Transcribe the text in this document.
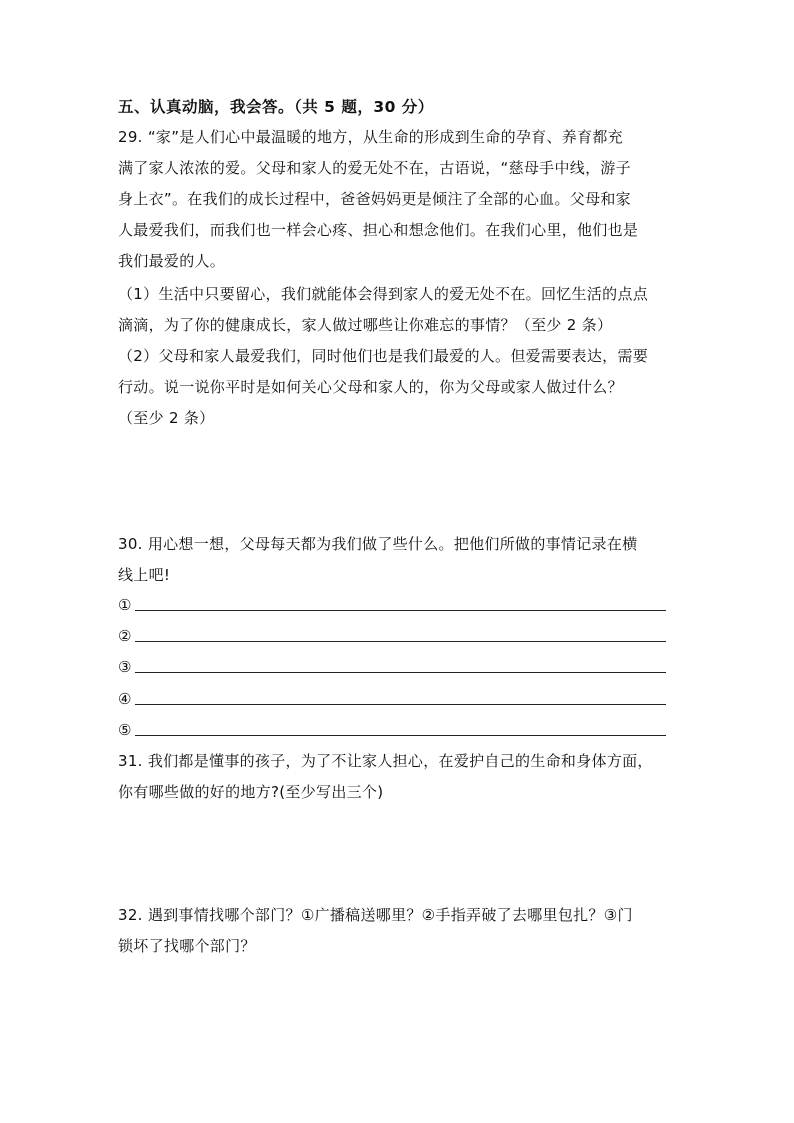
五、认真动脑，我会答。（共 5 题，30 分）
29. “家”是人们心中最温暖的地方，从生命的形成到生命的孕育、养育都充
满了家人浓浓的爱。父母和家人的爱无处不在，古语说，“慈母手中线，游子
身上衣”。在我们的成长过程中，爸爸妈妈更是倾注了全部的心血。父母和家
人最爱我们，而我们也一样会心疼、担心和想念他们。在我们心里，他们也是
我们最爱的人。
（1）生活中只要留心，我们就能体会得到家人的爱无处不在。回忆生活的点点
滴滴，为了你的健康成长，家人做过哪些让你难忘的事情？（至少 2 条）
（2）父母和家人最爱我们，同时他们也是我们最爱的人。但爱需要表达，需要
行动。说一说你平时是如何关心父母和家人的，你为父母或家人做过什么？
（至少 2 条）
30. 用心想一想，父母每天都为我们做了些什么。把他们所做的事情记录在横
线上吧!
①
②
③
④
⑤
31. 我们都是懂事的孩子，为了不让家人担心，在爱护自己的生命和身体方面，
你有哪些做的好的地方?(至少写出三个)
32. 遇到事情找哪个部门？①广播稿送哪里？②手指弄破了去哪里包扎？③门
锁坏了找哪个部门？
